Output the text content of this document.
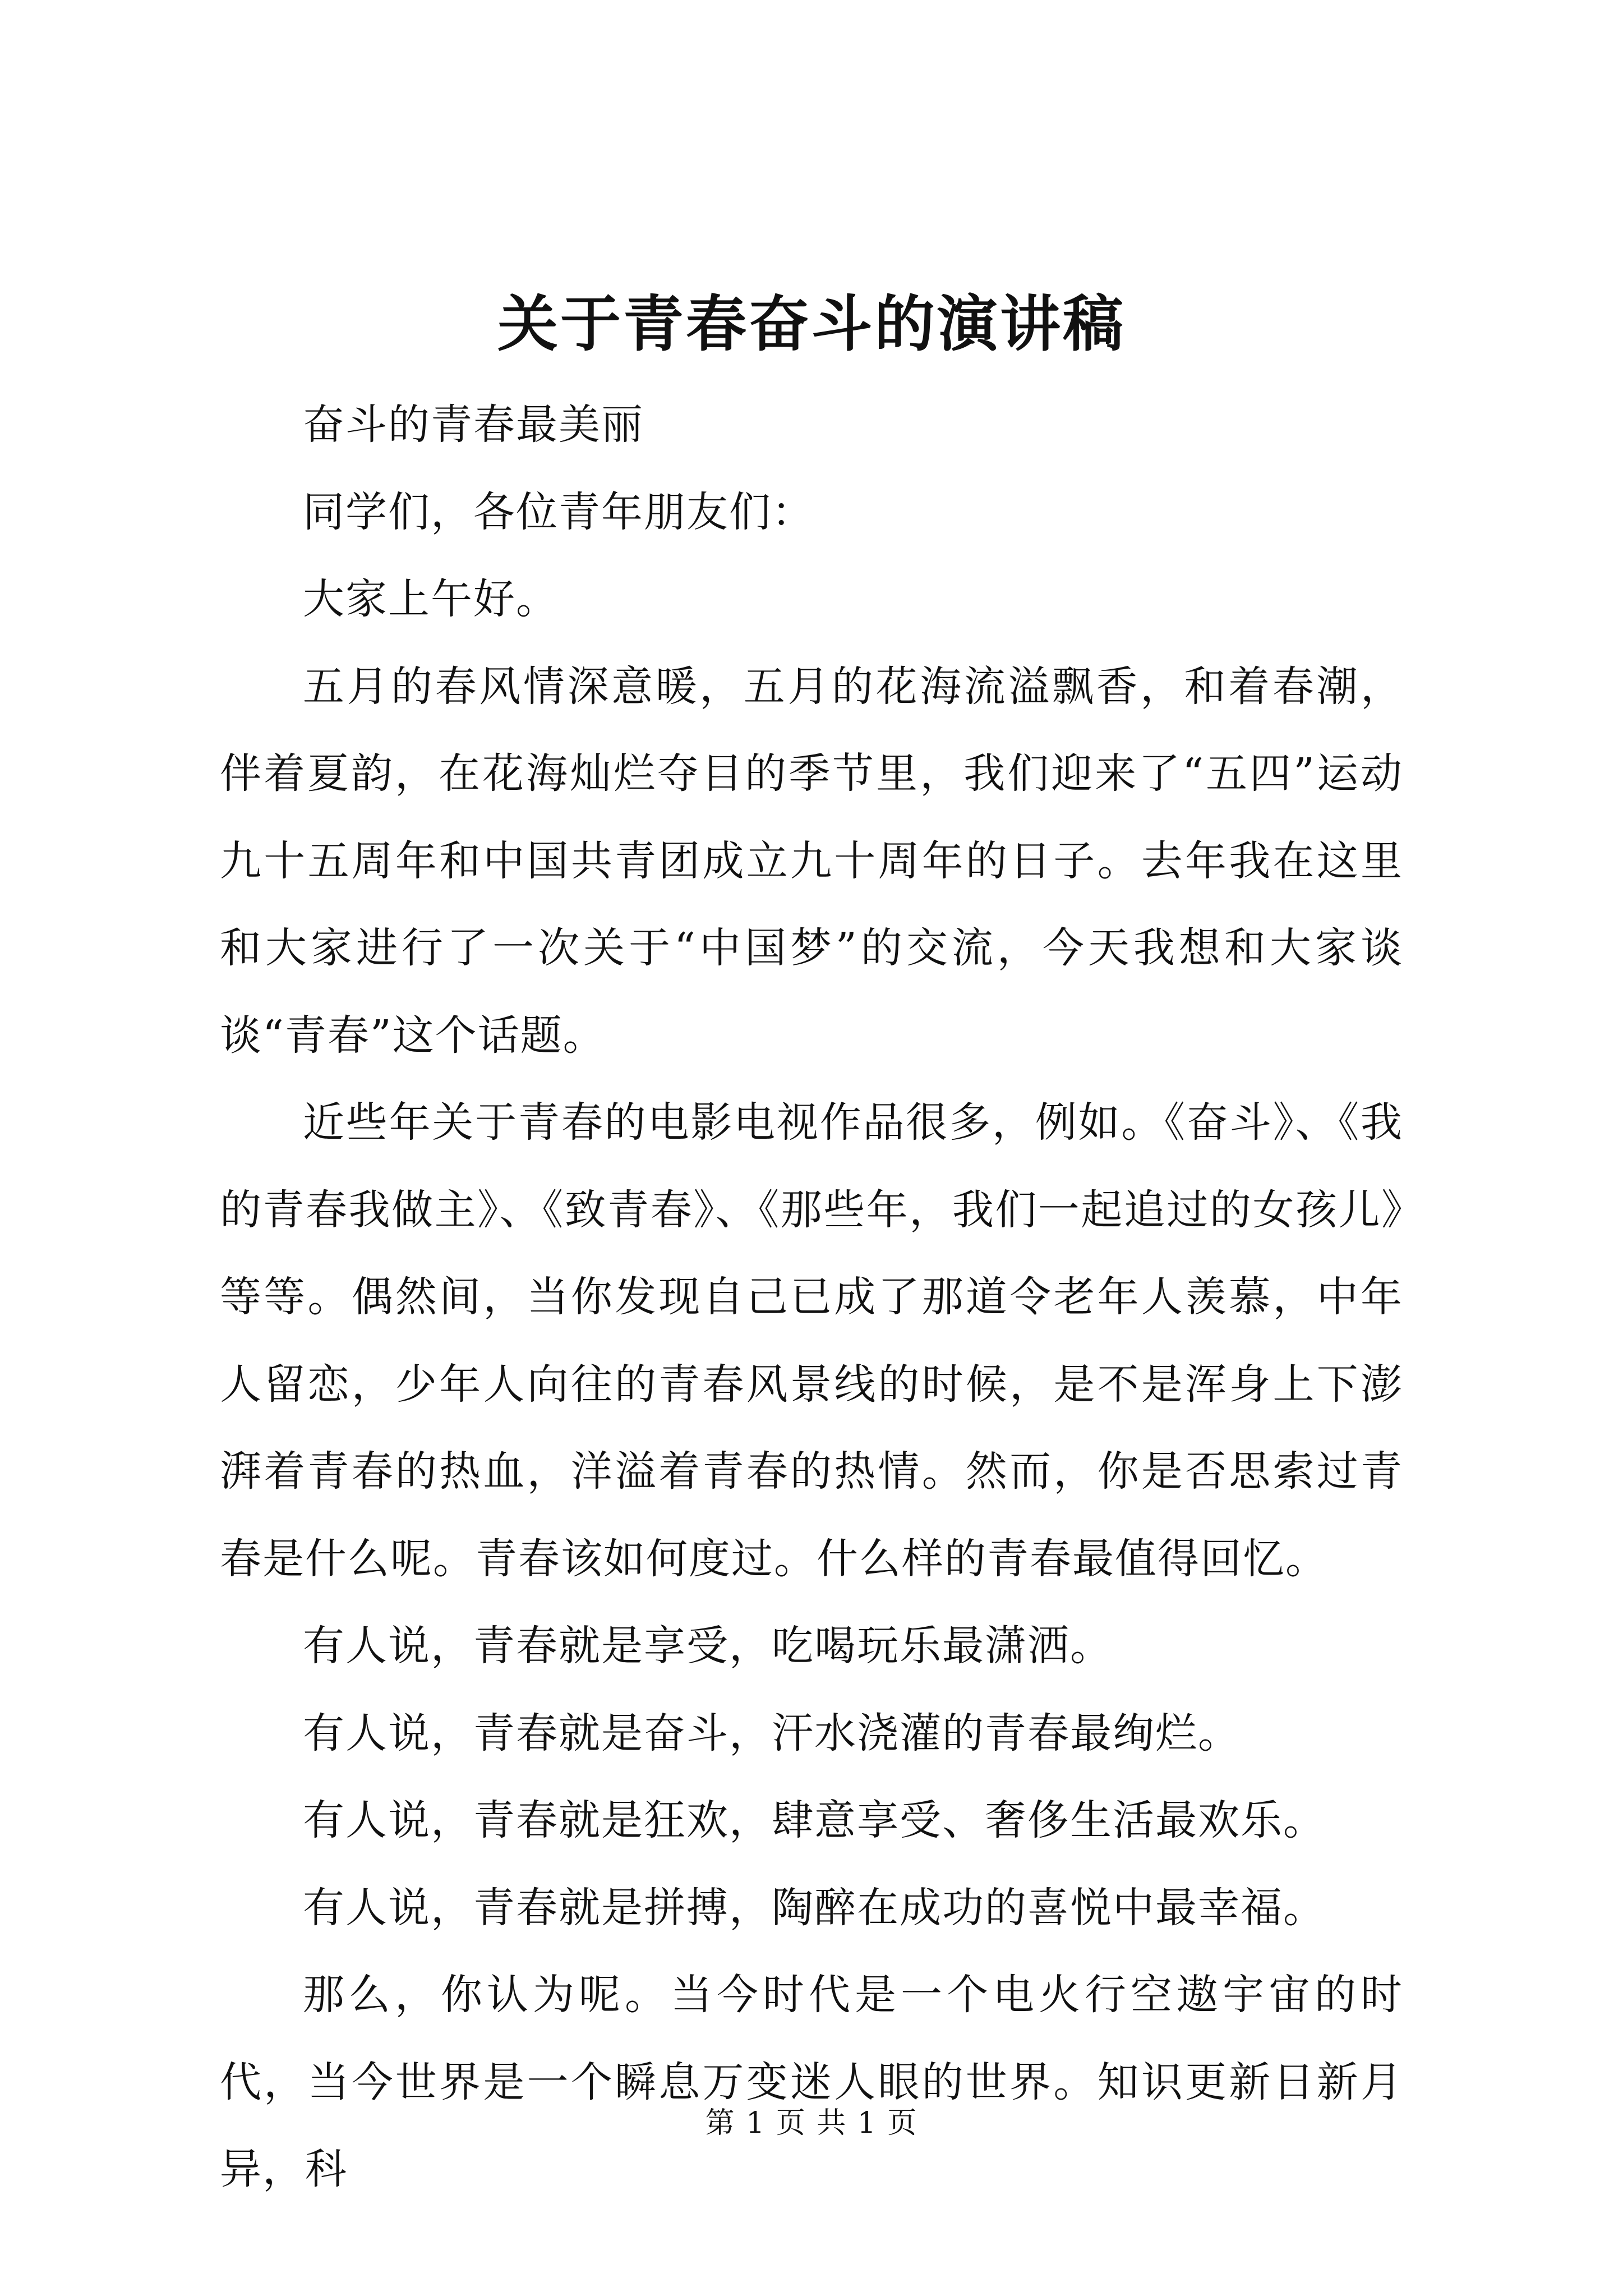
关于青春奋斗的演讲稿

奋斗的青春最美丽

同学们，各位青年朋友们：

大家上午好。

五月的春风情深意暖，五月的花海流溢飘香，和着春潮，伴着夏韵，在花海灿烂夺目的季节里，我们迎来了“五四”运动九十五周年和中国共青团成立九十周年的日子。去年我在这里和大家进行了一次关于“中国梦”的交流，今天我想和大家谈谈“青春”这个话题。

近些年关于青春的电影电视作品很多，例如。《奋斗》、《我的青春我做主》、《致青春》、《那些年，我们一起追过的女孩儿》等等。偶然间，当你发现自己已成了那道令老年人羡慕，中年人留恋，少年人向往的青春风景线的时候，是不是浑身上下澎湃着青春的热血，洋溢着青春的热情。然而，你是否思索过青春是什么呢。青春该如何度过。什么样的青春最值得回忆。

有人说，青春就是享受，吃喝玩乐最潇洒。

有人说，青春就是奋斗，汗水浇灌的青春最绚烂。

有人说，青春就是狂欢，肆意享受、奢侈生活最欢乐。

有人说，青春就是拼搏，陶醉在成功的喜悦中最幸福。

那么，你认为呢。当今时代是一个电火行空遨宇宙的时代，当今世界是一个瞬息万变迷人眼的世界。知识更新日新月异，科

第 1 页 共 1 页
